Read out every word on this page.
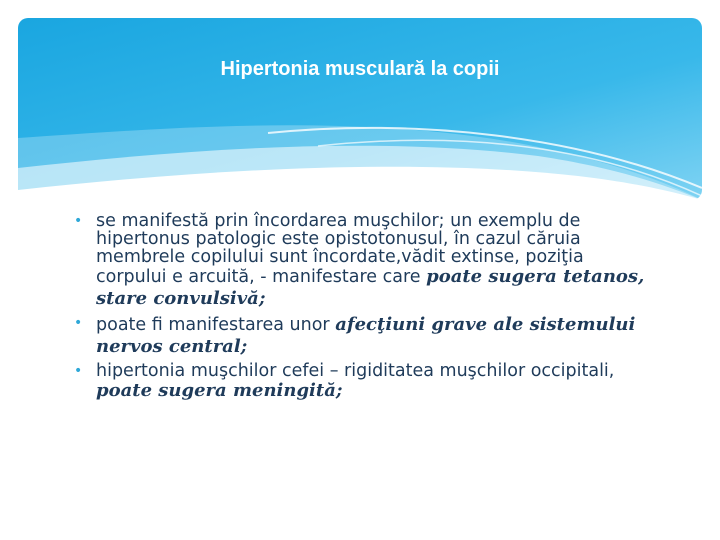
Hipertonia musculară la copii
• se manifestă prin încordarea muşchilor; un exemplu de hipertonus patologic este opistotonusul, în cazul căruia membrele copilului sunt încordate,vădit extinse, poziţia corpului e arcuită, - manifestare care poate sugera tetanos, stare convulsivă;
• poate fi manifestarea unor afecţiuni grave ale sistemului nervos central;
• hipertonia muşchilor cefei – rigiditatea muşchilor occipitali, poate sugera meningită;
